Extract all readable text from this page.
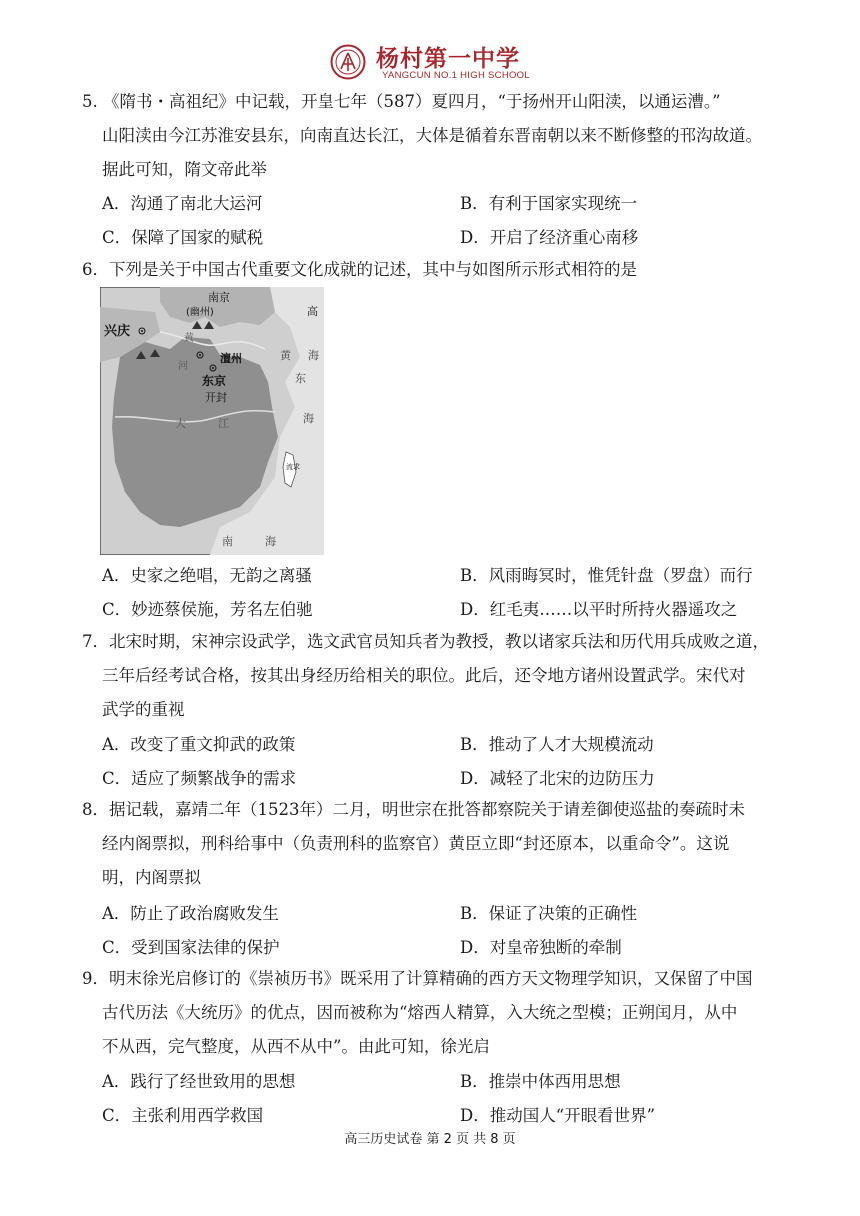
杨村第一中学
YANGCUN NO.1 HIGH SCHOOL

5. 《隋书・高祖纪》中记载，开皇七年（587）夏四月，“于扬州开山阳渎，以通运漕。”
山阳渎由今江苏淮安县东，向南直达长江，大体是循着东晋南朝以来不断修整的邗沟故道。
据此可知，隋文帝此举

A．沟通了南北大运河	B．有利于国家实现统一
C．保障了国家的赋税	D．开启了经济重心南移

6．下列是关于中国古代重要文化成就的记述，其中与如图所示形式相符的是

南京
(幽州)
兴庆
高
澶州
东京
开封
黄 海
东
河
黄
大	江	海
流求
南	海
A．史家之绝唱，无韵之离骚	B．风雨晦冥时，惟凭针盘（罗盘）而行
C．妙迹蔡侯施，芳名左伯驰	D．红毛夷……以平时所持火器遥攻之

7．北宋时期，宋神宗设武学，选文武官员知兵者为教授，教以诸家兵法和历代用兵成败之道，
三年后经考试合格，按其出身经历给相关的职位。此后，还令地方诸州设置武学。宋代对
武学的重视

A．改变了重文抑武的政策	B．推动了人才大规模流动
C．适应了频繁战争的需求	D．减轻了北宋的边防压力

8．据记载，嘉靖二年（1523年）二月，明世宗在批答都察院关于请差御使巡盐的奏疏时未
经内阁票拟，刑科给事中（负责刑科的监察官）黄臣立即“封还原本，以重命令”。这说
明，内阁票拟

A．防止了政治腐败发生	B．保证了决策的正确性
C．受到国家法律的保护	D．对皇帝独断的牵制

9．明末徐光启修订的《崇祯历书》既采用了计算精确的西方天文物理学知识，又保留了中国
古代历法《大统历》的优点，因而被称为“熔西人精算，入大统之型模；正朔闰月，从中
不从西，完气整度，从西不从中”。由此可知，徐光启

A．践行了经世致用的思想	B．推崇中体西用思想
C．主张利用西学救国	D．推动国人“开眼看世界”
高三历史试卷 第 2 页 共 8 页
